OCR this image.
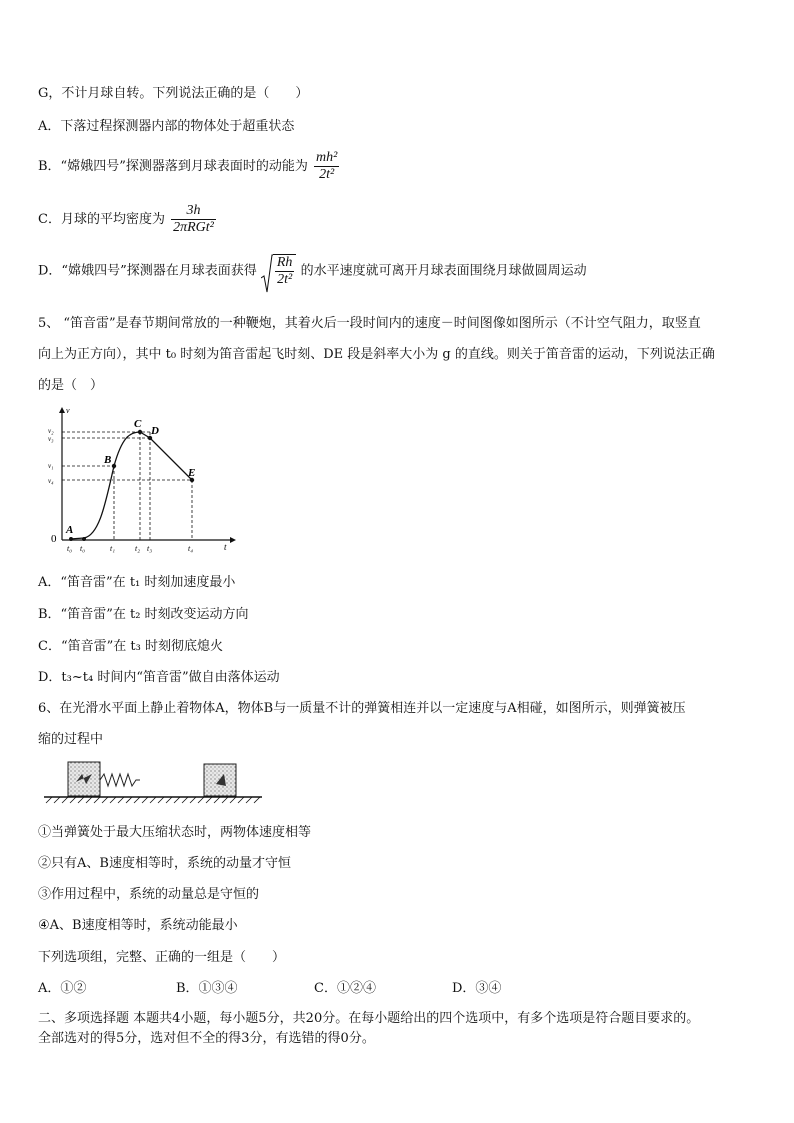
G，不计月球自转。下列说法正确的是（　　）
A．下落过程探测器内部的物体处于超重状态
B．“嫦娥四号”探测器落到月球表面时的动能为 $\frac{\text{mh²}}{\text{2t²}}$
C．月球的平均密度为 $\frac{3h}{\text{2πRGt²}}$
D．“嫦娥四号”探测器在月球表面获得 $\frac{Rh}{\text{2t²}}$ 的水平速度就可离开月球表面围绕月球做圆周运动
5、 “笛音雷”是春节期间常放的一种鞭炮，其着火后一段时间内的速度－时间图像如图所示（不计空气阻力，取竖直
向上为正方向），其中 t₀ 时刻为笛音雷起飞时刻、DE 段是斜率大小为 g 的直线。则关于笛音雷的运动，下列说法正确
的是（　）
v
t
0
A
B
C
D
E
v₂
v₃
v₁
v₄
t₀ t₀	t₁ t₂ t₃	t₄
A．“笛音雷”在 t₁ 时刻加速度最小
B．“笛音雷”在 t₂ 时刻改变运动方向
C．“笛音雷”在 t₃ 时刻彻底熄火
D．t₃~t₄ 时间内“笛音雷”做自由落体运动
6、在光滑水平面上静止着物体A，物体B与一质量不计的弹簧相连并以一定速度与A相碰，如图所示，则弹簧被压
缩的过程中
①当弹簧处于最大压缩状态时，两物体速度相等
②只有A、B速度相等时，系统的动量才守恒
③作用过程中，系统的动量总是守恒的
④A、B速度相等时，系统动能最小
下列选项组，完整、正确的一组是（　　）
A．①②	B．①③④	C．①②④	D．③④
二、多项选择题 本题共4小题，每小题5分，共20分。在每小题给出的四个选项中，有多个选项是符合题目要求的。
全部选对的得5分，选对但不全的得3分，有选错的得0分。
